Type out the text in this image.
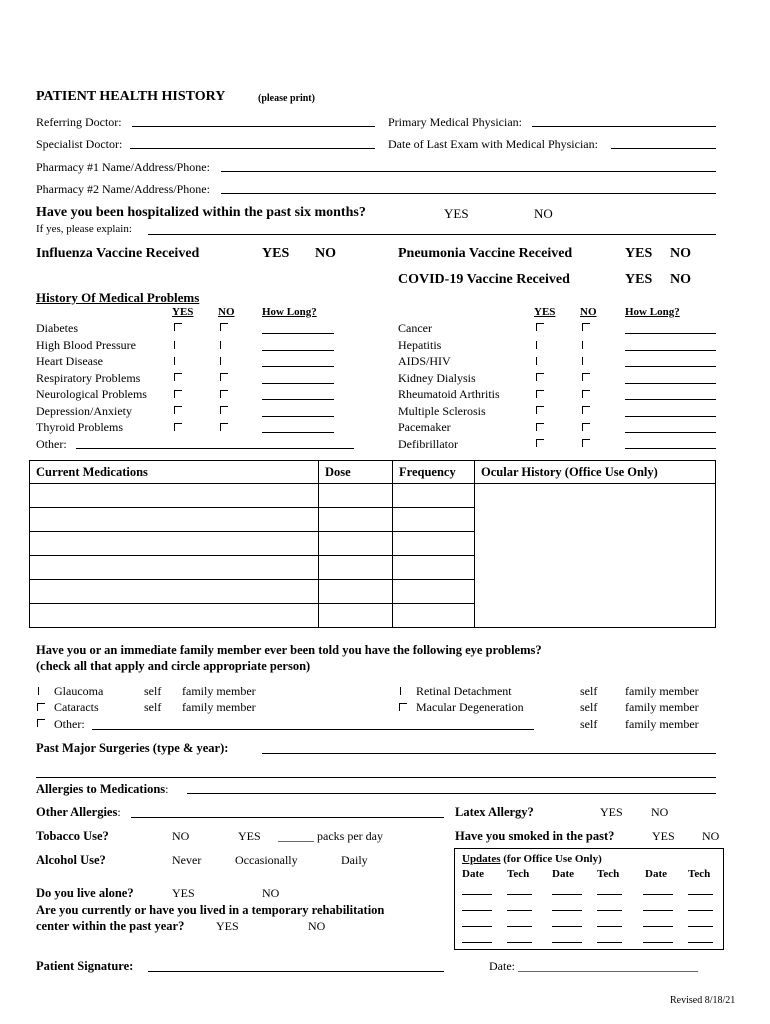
PATIENT HEALTH HISTORY	(please print)
Referring Doctor:	Primary Medical Physician:
Specialist Doctor:	Date of Last Exam with Medical Physician:
Pharmacy #1 Name/Address/Phone:
Pharmacy #2 Name/Address/Phone:
Have you been hospitalized within the past six months?	YES	NO
If yes, please explain:
Influenza Vaccine Received	YES NO	Pneumonia Vaccine Received	YES NO
COVID-19 Vaccine Received	YES NO
History Of Medical Problems
YES NO	How Long?	YES NO	How Long?
Diabetes
High Blood Pressure
Heart Disease
Respiratory Problems
Neurological Problems
Depression/Anxiety
Thyroid Problems
Other:
Cancer
Hepatitis
AIDS/HIV
Kidney Dialysis
Rheumatoid Arthritis
Multiple Sclerosis
Pacemaker
Defibrillator
Current Medications	Dose	Frequency	Ocular History (Office Use Only)

Have you or an immediate family member ever been told you have the following eye problems?
(check all that apply and circle appropriate person)
Glaucoma	self family member
Cataracts	self family member
Other:	self family member
Retinal Detachment	self family member
Macular Degeneration	self family member
Past Major Surgeries (type & year):
Allergies to Medications:
Other Allergies:	Latex Allergy?	YES NO
Tobacco Use?	NO	YES ______ packs per day	Have you smoked in the past?	YES NO
Alcohol Use?	Never	Occasionally	Daily	Updates (for Office Use Only)
Date Tech Date Tech Date Tech
Do you live alone?	YES	NO
Are you currently or have you lived in a temporary rehabilitation
center within the past year?	YES	NO
Patient Signature:	Date: ______________________________
Revised 8/18/21
